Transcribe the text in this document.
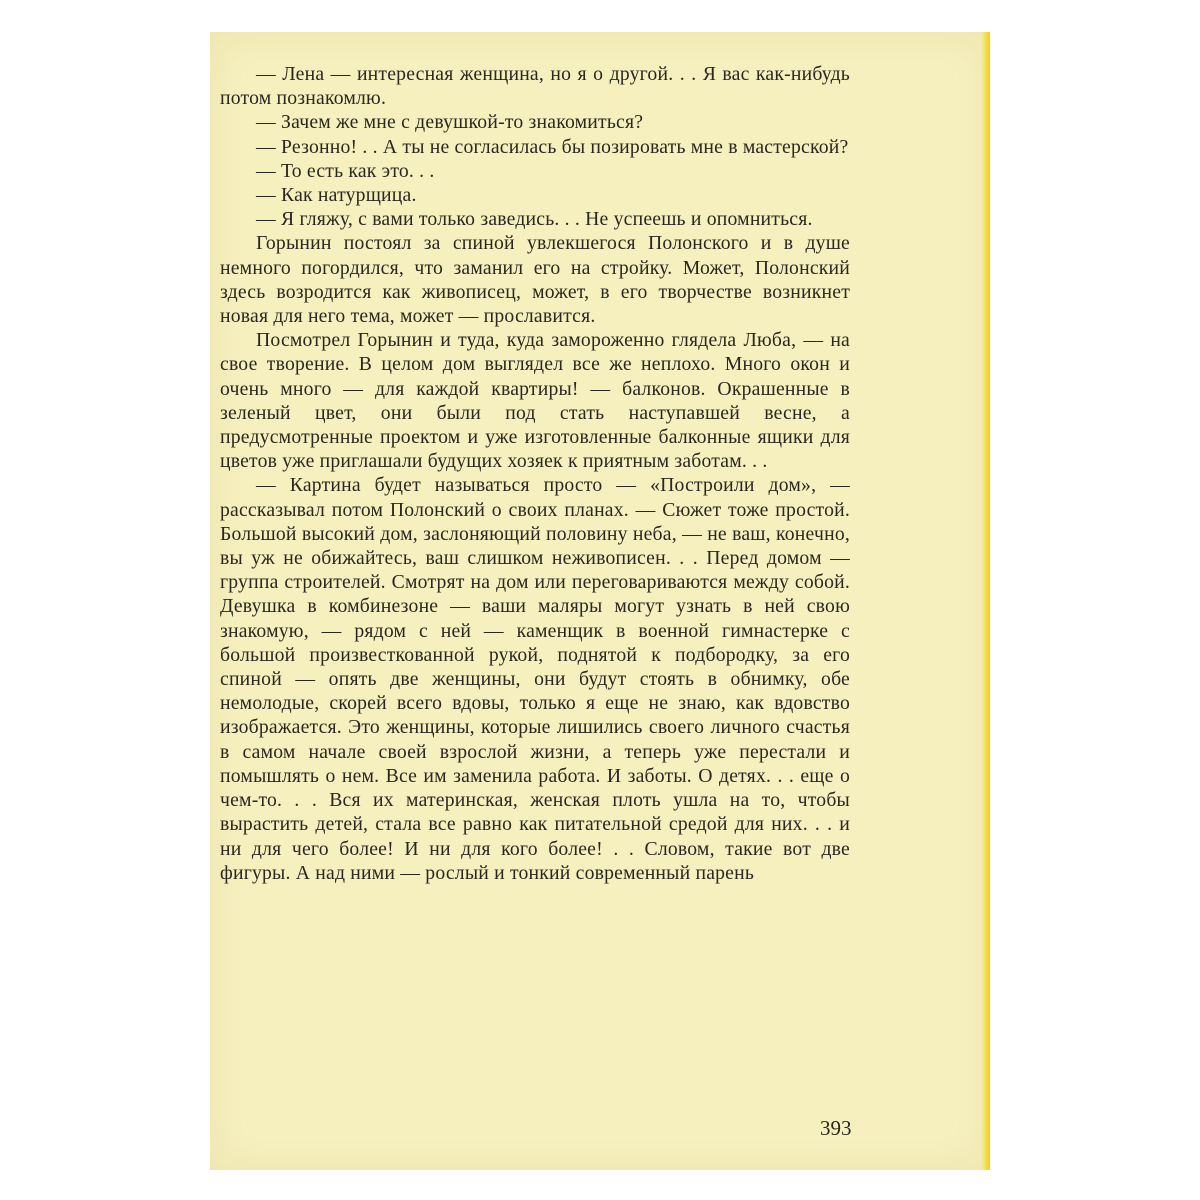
— Лена — интересная женщина, но я о другой. . . Я вас как-нибудь потом познакомлю.

— Зачем же мне с девушкой-то знакомиться?

— Резонно! . . А ты не согласилась бы позировать мне в мастерской?

— То есть как это. . .

— Как натурщица.

— Я гляжу, с вами только заведись. . . Не успеешь и опомниться.

Горынин постоял за спиной увлекшегося Полонского и в душе немного погордился, что заманил его на стройку. Может, Полонский здесь возродится как живописец, может, в его творчестве возникнет новая для него тема, может — прославится.

Посмотрел Горынин и туда, куда замороженно глядела Люба, — на свое творение. В целом дом выглядел все же неплохо. Много окон и очень много — для каждой квартиры! — балконов. Окрашенные в зеленый цвет, они были под стать наступавшей весне, а предусмотренные проектом и уже изготовленные балконные ящики для цветов уже приглашали будущих хозяек к приятным заботам. . .

— Картина будет называться просто — «Построили дом», — рассказывал потом Полонский о своих планах. — Сюжет тоже простой. Большой высокий дом, заслоняющий половину неба, — не ваш, конечно, вы уж не обижайтесь, ваш слишком неживописен. . . Перед домом — группа строителей. Смотрят на дом или переговариваются между собой. Девушка в комбинезоне — ваши маляры могут узнать в ней свою знакомую, — рядом с ней — каменщик в военной гимнастерке с большой произвесткованной рукой, поднятой к подбородку, за его спиной — опять две женщины, они будут стоять в обнимку, обе немолодые, скорей всего вдовы, только я еще не знаю, как вдовство изображается. Это женщины, которые лишились своего личного счастья в самом начале своей взрослой жизни, а теперь уже перестали и помышлять о нем. Все им заменила работа. И заботы. О детях. . . еще о чем-то. . . Вся их материнская, женская плоть ушла на то, чтобы вырастить детей, стала все равно как питательной средой для них. . . и ни для чего более! И ни для кого более! . . Словом, такие вот две фигуры. А над ними — рослый и тонкий современный парень

393
